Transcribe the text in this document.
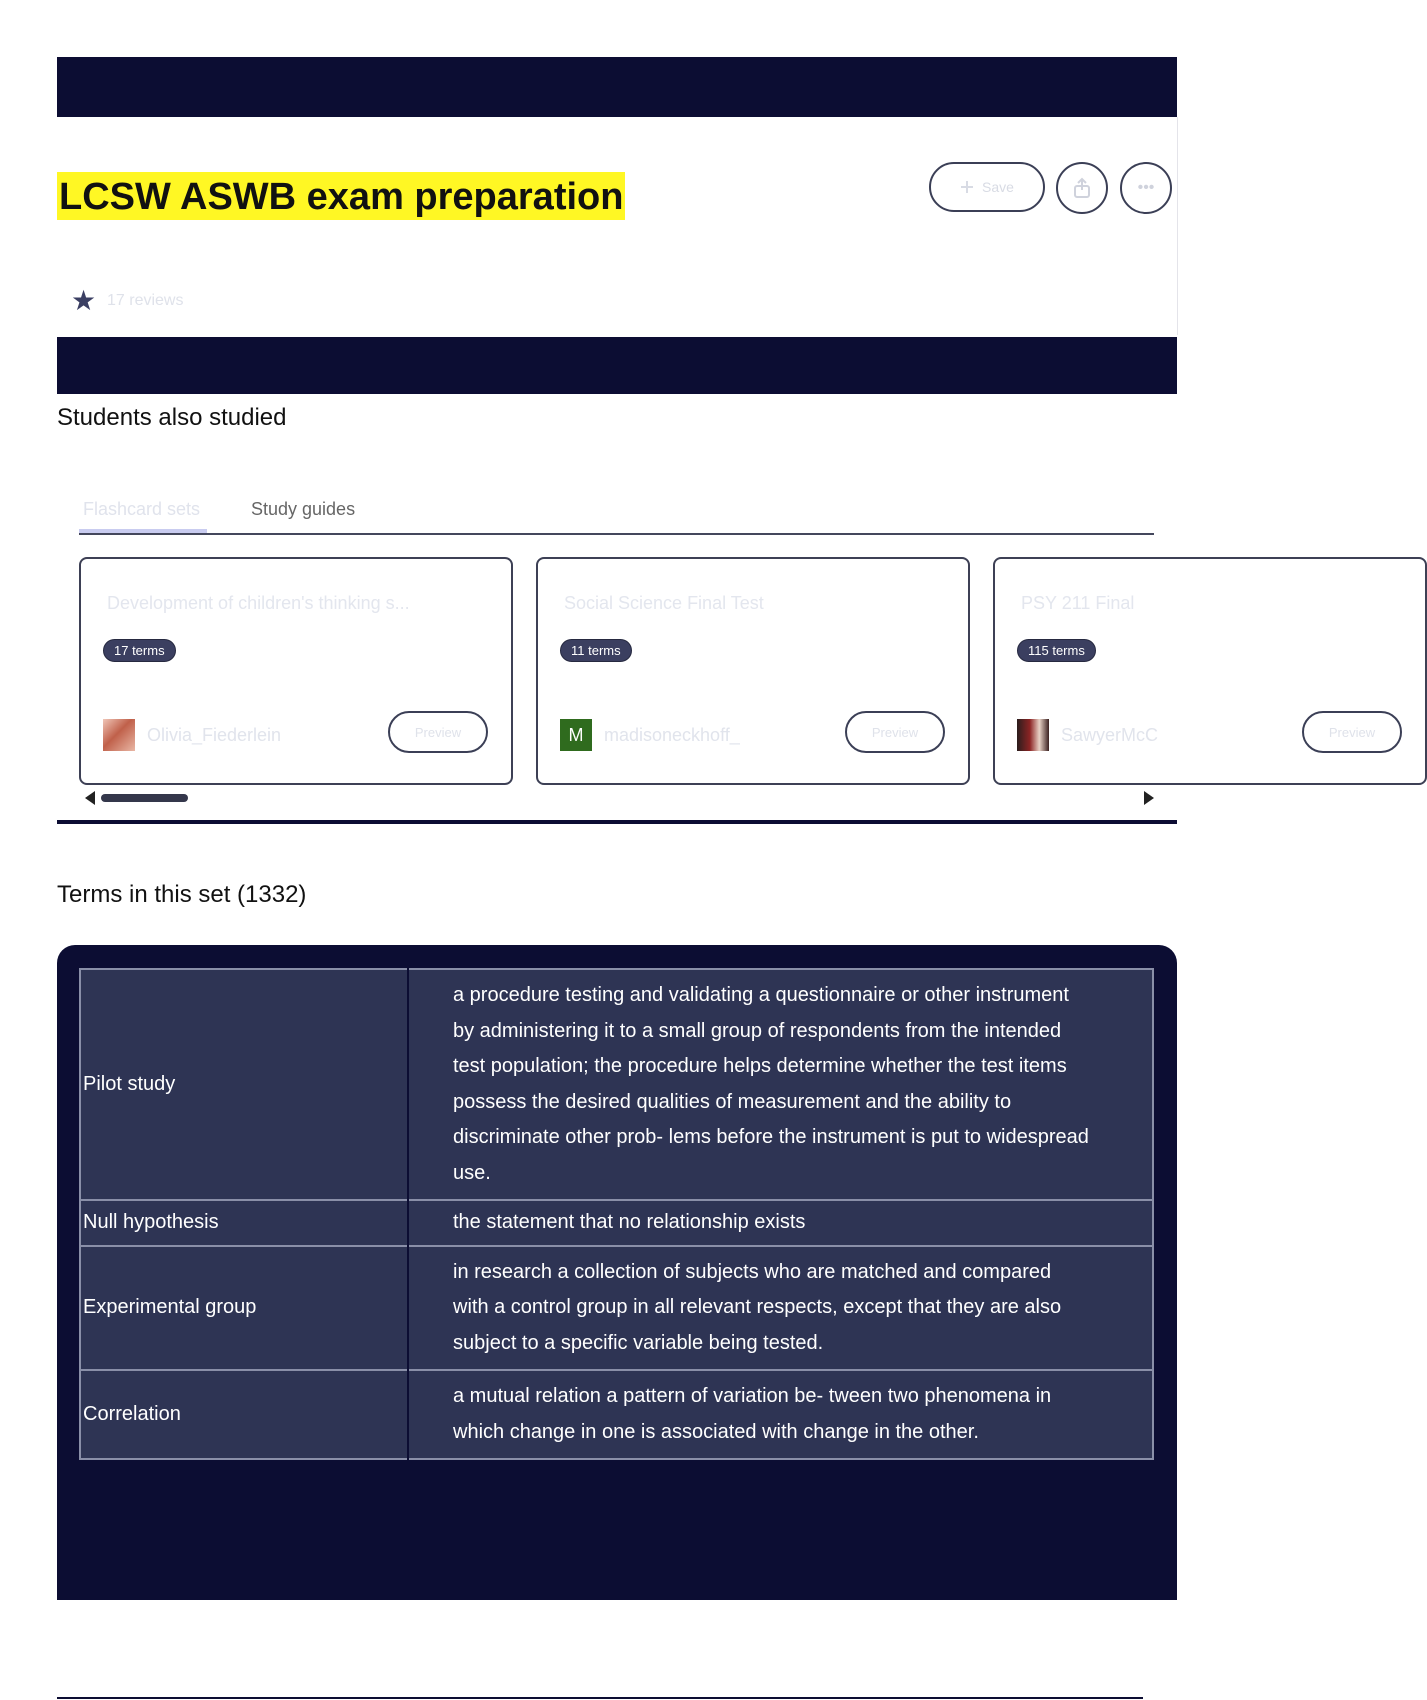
LCSW ASWB exam preparation	Save	•••
★ 17 reviews
Students also studied
Flashcard sets	Study guides
Development of children's thinking s...
17 terms
Olivia_Fiederlein	Preview
Social Science Final Test
11 terms
M madisoneckhoff_	Preview
PSY 211 Final
115 terms
SawyerMcC	Preview
Terms in this set (1332)
Pilot study	a procedure testing and validating a questionnaire or other instrument by administering it to a small group of respondents from the intended test population; the procedure helps determine whether the test items possess the desired qualities of measurement and the ability to discriminate other prob- lems before the instrument is put to widespread use.
Null hypothesis	the statement that no relationship exists
Experimental group	in research a collection of subjects who are matched and compared with a control group in all relevant respects, except that they are also subject to a specific variable being tested.
Correlation	a mutual relation a pattern of variation be- tween two phenomena in which change in one is associated with change in the other.
